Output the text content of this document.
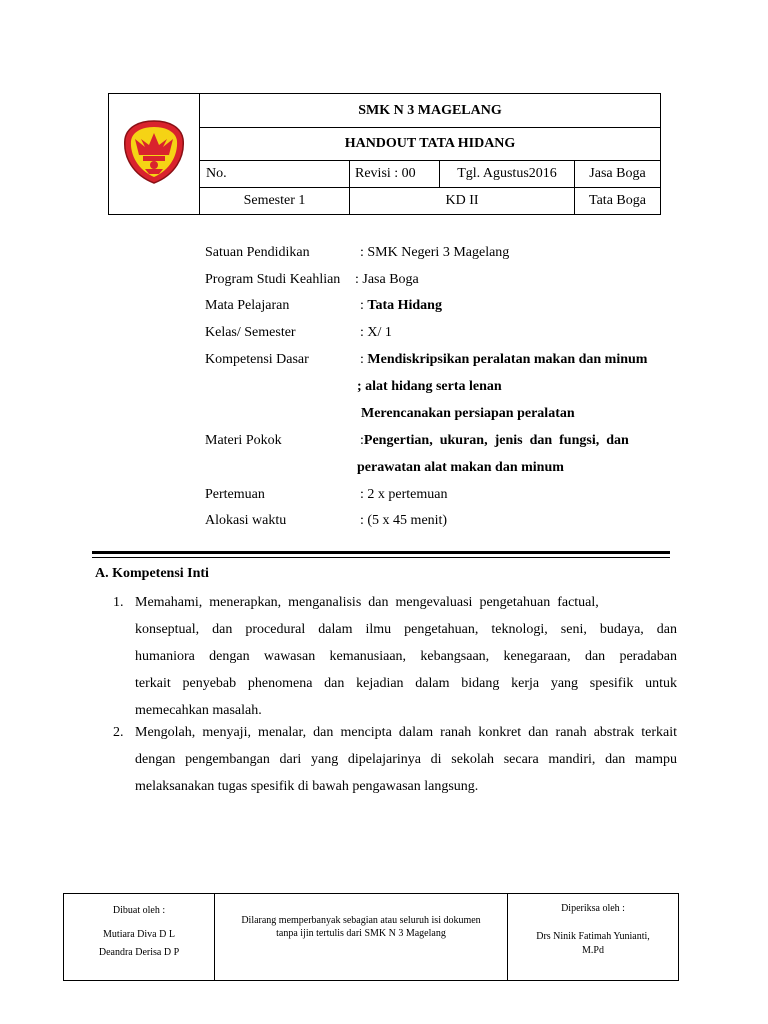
	SMK N 3 MAGELANG			
	HANDOUT TATA HIDANG			
	No.	Revisi : 00	Tgl. Agustus2016	Jasa Boga
	Semester 1	KD II		Tata Boga
Satuan Pendidikan	: SMK Negeri 3 Magelang
Program Studi Keahlian : Jasa Boga
Mata Pelajaran	: Tata Hidang
Kelas/ Semester	: X/ 1
Kompetensi Dasar	: Mendiskripsikan peralatan makan dan minum
; alat hidang serta lenan
Merencanakan persiapan peralatan
Materi Pokok	:Pengertian,  ukuran,  jenis  dan  fungsi,  dan
perawatan alat makan dan minum
Pertemuan	: 2 x pertemuan
Alokasi waktu	: (5 x 45 menit)
A. Kompetensi Inti
1. Memahami,  menerapkan,  menganalisis  dan  mengevaluasi  pengetahuan  factual,
konseptual, dan procedural dalam ilmu pengetahuan, teknologi, seni, budaya, dan
humaniora dengan wawasan kemanusiaan, kebangsaan, kenegaraan, dan peradaban
terkait penyebab phenomena dan kejadian dalam bidang kerja yang spesifik untuk
memecahkan masalah.
2. Mengolah, menyaji, menalar, dan mencipta dalam ranah konkret dan ranah abstrak terkait
dengan pengembangan dari yang dipelajarinya di sekolah secara mandiri, dan mampu
melaksanakan tugas spesifik di bawah pengawasan langsung.
Dibuat oleh :
Mutiara Diva D L
Deandra Derisa D P

Dilarang memperbanyak sebagian atau seluruh isi dokumen
tanpa ijin tertulis dari SMK N 3 Magelang

Diperiksa oleh :
Drs Ninik Fatimah Yunianti,
M.Pd
